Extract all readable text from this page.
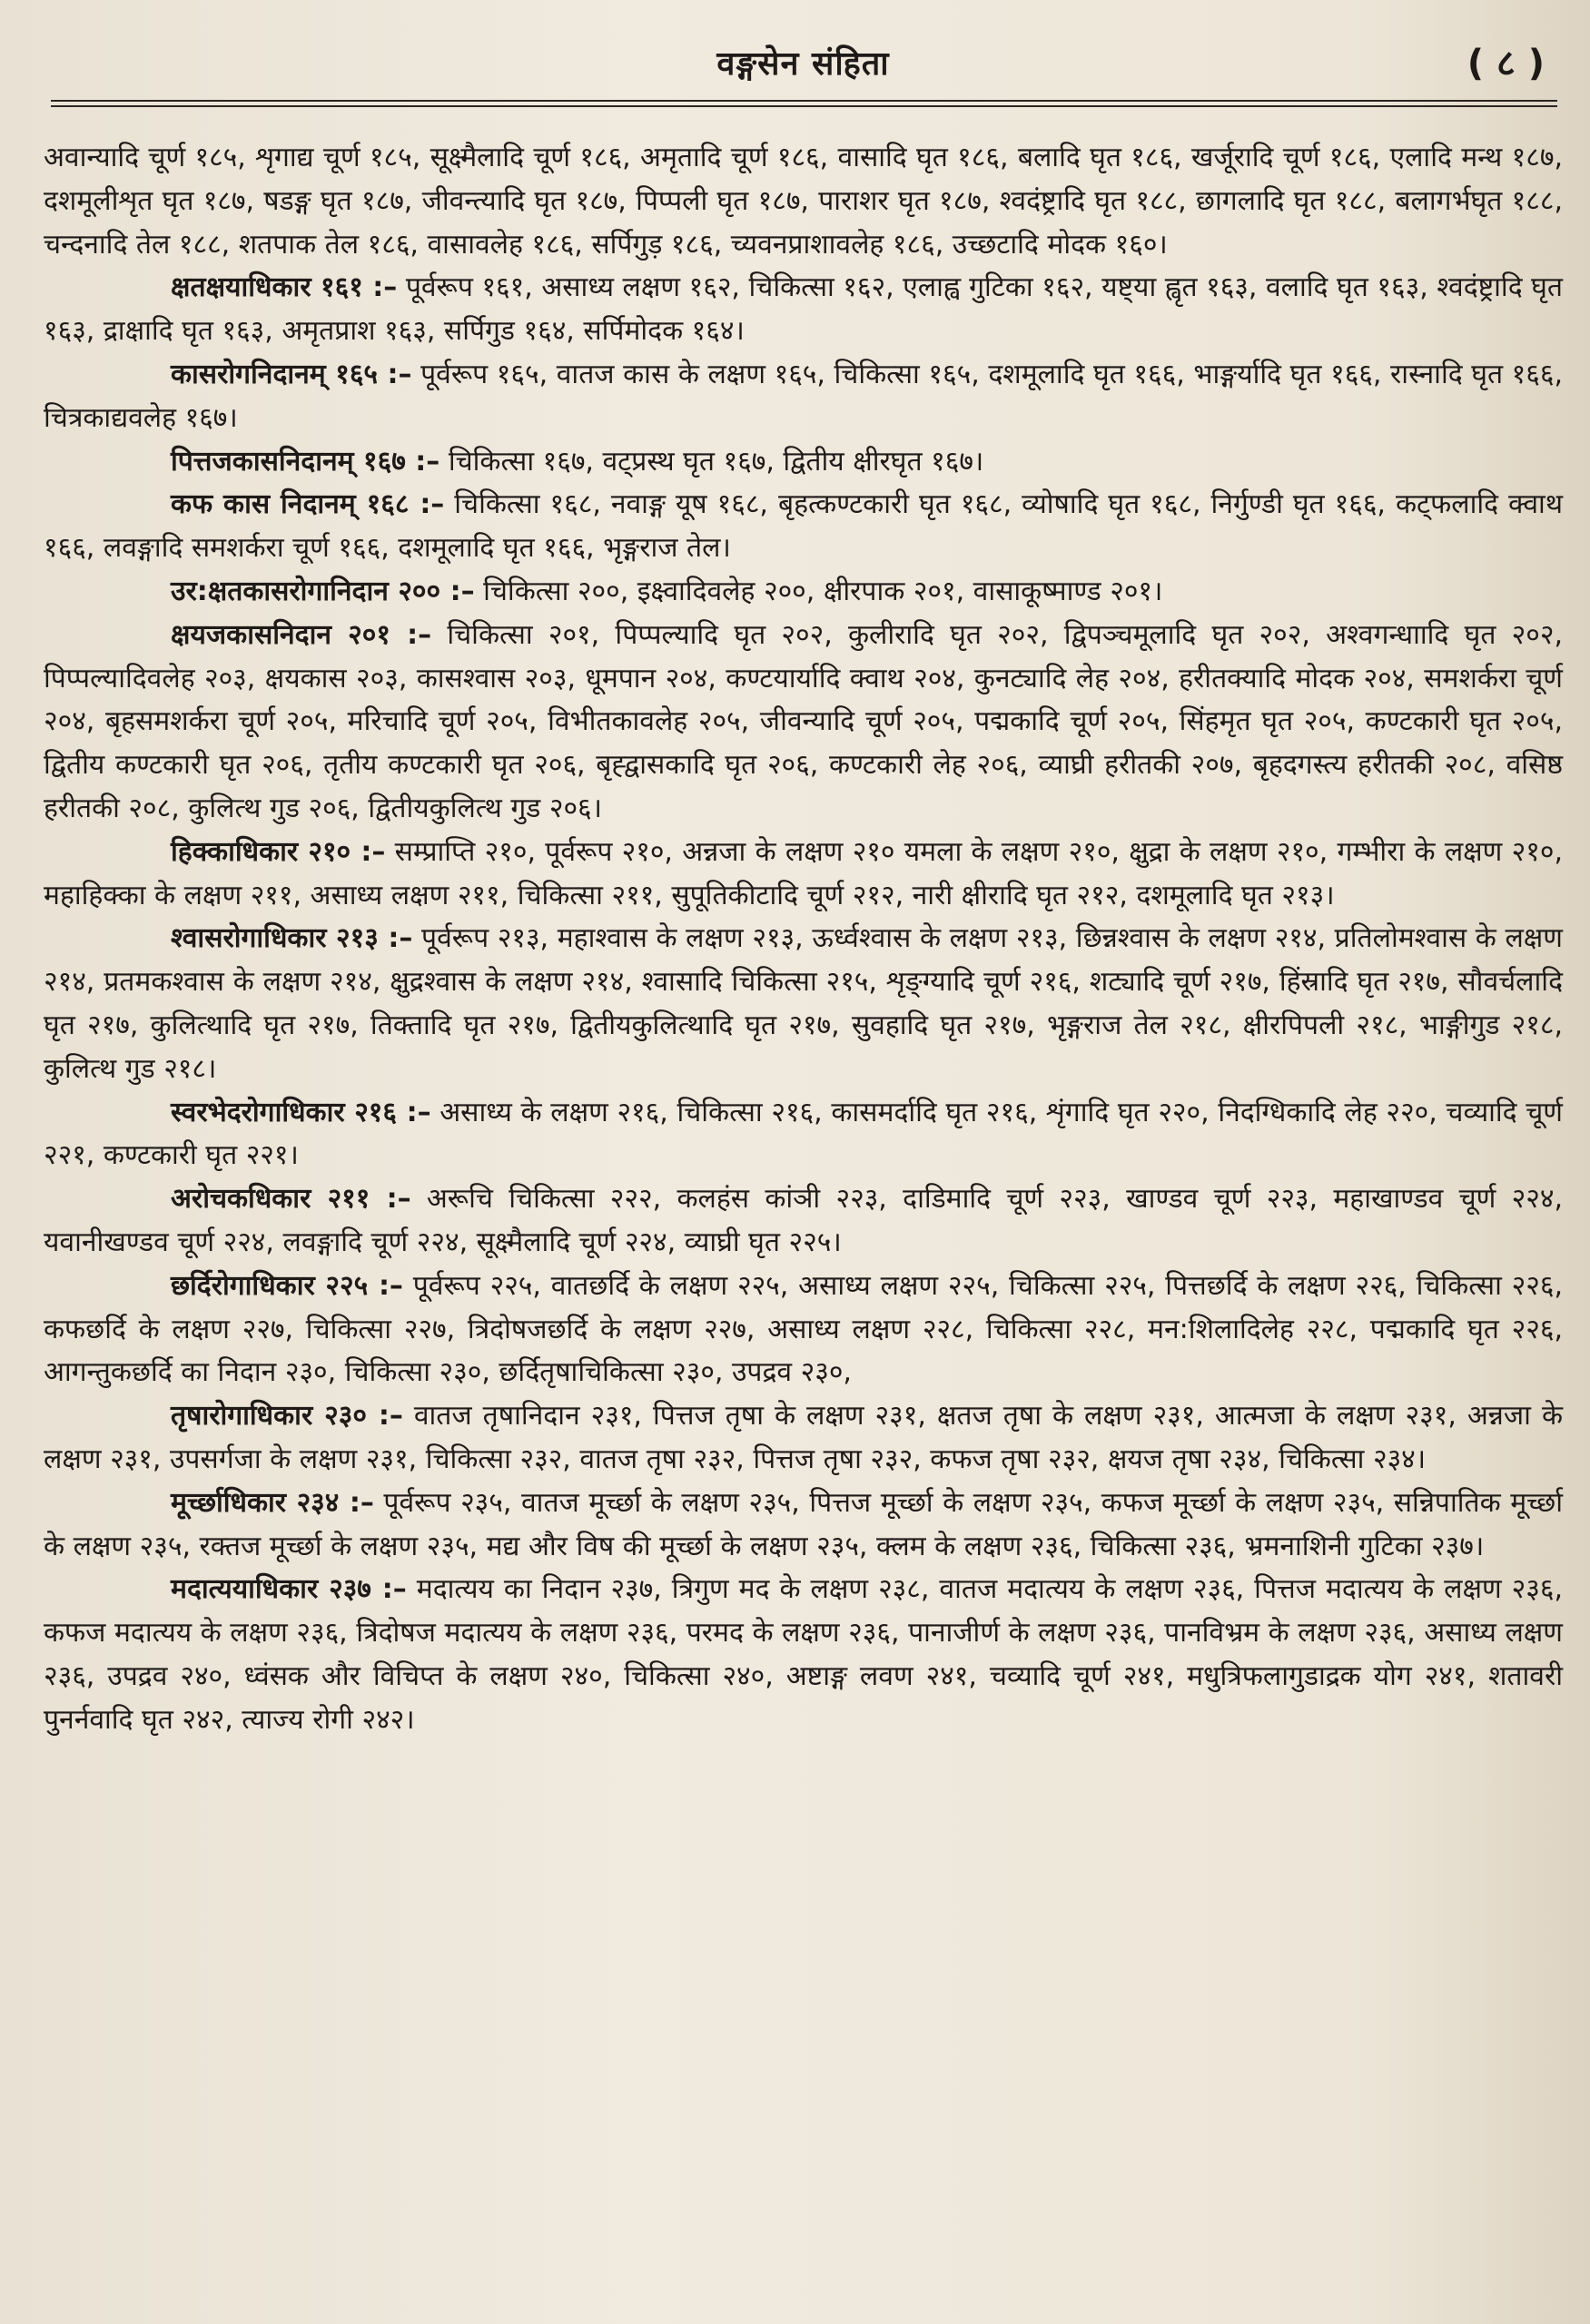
वङ्गसेन संहिता	( ८ )

अवान्यादि चूर्ण १८५, शृगाद्य चूर्ण १८५, सूक्ष्मैलादि चूर्ण १८६, अमृतादि चूर्ण १८६, वासादि घृत १८६, बलादि घृत १८६, खर्जूरादि चूर्ण १८६, एलादि मन्थ १८७, दशमूलीशृत घृत १८७, षडङ्ग घृत १८७, जीवन्त्यादि घृत १८७, पिप्पली घृत १८७, पाराशर घृत १८७, श्वदंष्ट्रादि घृत १८८, छागलादि घृत १८८, बलागर्भघृत १८८, चन्दनादि तेल १८८, शतपाक तेल १८६, वासावलेह १८६, सर्पिगुड़ १८६, च्यवनप्राशावलेह १८६, उच्छटादि मोदक १६०।

क्षतक्षयाधिकार १६१ :– पूर्वरूप १६१, असाध्य लक्षण १६२, चिकित्सा १६२, एलाह्व गुटिका १६२, यष्ट्या ह्वृत १६३, वलादि घृत १६३, श्वदंष्ट्रादि घृत १६३, द्राक्षादि घृत १६३, अमृतप्राश १६३, सर्पिगुड १६४, सर्पिमोदक १६४।

कासरोगनिदानम् १६५ :– पूर्वरूप १६५, वातज कास के लक्षण १६५, चिकित्सा १६५, दशमूलादि घृत १६६, भाङ्गर्यादि घृत १६६, रास्नादि घृत १६६, चित्रकाद्यवलेह १६७।

पित्तजकासनिदानम् १६७ :– चिकित्सा १६७, वट्प्रस्थ घृत १६७, द्वितीय क्षीरघृत १६७।

कफ कास निदानम् १६८ :– चिकित्सा १६८, नवाङ्ग यूष १६८, बृहत्कण्टकारी घृत १६८, व्योषादि घृत १६८, निर्गुण्डी घृत १६६, कट्फलादि क्वाथ १६६, लवङ्गादि समशर्करा चूर्ण १६६, दशमूलादि घृत १६६, भृङ्गराज तेल।

उर:क्षतकासरोगानिदान २०० :– चिकित्सा २००, इक्ष्वादिवलेह २००, क्षीरपाक २०१, वासाकूष्माण्ड २०१।

क्षयजकासनिदान २०१ :– चिकित्सा २०१, पिप्पल्यादि घृत २०२, कुलीरादि घृत २०२, द्विपञ्चमूलादि घृत २०२, अश्वगन्धाादि घृत २०२, पिप्पल्यादिवलेह २०३, क्षयकास २०३, कासश्वास २०३, धूमपान २०४, कण्टयार्यादि क्वाथ २०४, कुनट्यादि लेह २०४, हरीतक्यादि मोदक २०४, समशर्करा चूर्ण २०४, बृहसमशर्करा चूर्ण २०५, मरिचादि चूर्ण २०५, विभीतकावलेह २०५, जीवन्यादि चूर्ण २०५, पद्मकादि चूर्ण २०५, सिंहमृत घृत २०५, कण्टकारी घृत २०५, द्वितीय कण्टकारी घृत २०६, तृतीय कण्टकारी घृत २०६, बृह्द्वासकादि घृत २०६, कण्टकारी लेह २०६, व्याघ्री हरीतकी २०७, बृहदगस्त्य हरीतकी २०८, वसिष्ठ हरीतकी २०८, कुलित्थ गुड २०६, द्वितीयकुलित्थ गुड २०६।

हिक्काधिकार २१० :– सम्प्राप्ति २१०, पूर्वरूप २१०, अन्नजा के लक्षण २१० यमला के लक्षण २१०, क्षुद्रा के लक्षण २१०, गम्भीरा के लक्षण २१०, महाहिक्का के लक्षण २११, असाध्य लक्षण २११, चिकित्सा २११, सुपूतिकीटादि चूर्ण २१२, नारी क्षीरादि घृत २१२, दशमूलादि घृत २१३।

श्वासरोगाधिकार २१३ :– पूर्वरूप २१३, महाश्वास के लक्षण २१३, ऊर्ध्वश्वास के लक्षण २१३, छिन्नश्वास के लक्षण २१४, प्रतिलोमश्वास के लक्षण २१४, प्रतमकश्वास के लक्षण २१४, क्षुद्रश्वास के लक्षण २१४, श्वासादि चिकित्सा २१५, शृङ्ग्यादि चूर्ण २१६, शट्यादि चूर्ण २१७, हिंस्रादि घृत २१७, सौवर्चलादि घृत २१७, कुलित्थादि घृत २१७, तिक्तादि घृत २१७, द्वितीयकुलित्थादि घृत २१७, सुवहादि घृत २१७, भृङ्गराज तेल २१८, क्षीरपिपली २१८, भाङ्गीगुड २१८, कुलित्थ गुड २१८।

स्वरभेदरोगाधिकार २१६ :– असाध्य के लक्षण २१६, चिकित्सा २१६, कासमर्दादि घृत २१६, शृंगादि घृत २२०, निदग्धिकादि लेह २२०, चव्यादि चूर्ण २२१, कण्टकारी घृत २२१।

अरोचकधिकार २११ :– अरूचि चिकित्सा २२२, कलहंस कांञी २२३, दाडिमादि चूर्ण २२३, खाण्डव चूर्ण २२३, महाखाण्डव चूर्ण २२४, यवानीखण्डव चूर्ण २२४, लवङ्गादि चूर्ण २२४, सूक्ष्मैलादि चूर्ण २२४, व्याघ्री घृत २२५।

छर्दिरोगाधिकार २२५ :– पूर्वरूप २२५, वातछर्दि के लक्षण २२५, असाध्य लक्षण २२५, चिकित्सा २२५, पित्तछर्दि के लक्षण २२६, चिकित्सा २२६, कफछर्दि के लक्षण २२७, चिकित्सा २२७, त्रिदोषजछर्दि के लक्षण २२७, असाध्य लक्षण २२८, चिकित्सा २२८, मन:शिलादिलेह २२८, पद्मकादि घृत २२६, आगन्तुकछर्दि का निदान २३०, चिकित्सा २३०, छर्दितृषाचिकित्सा २३०, उपद्रव २३०,

तृषारोगाधिकार २३० :– वातज तृषानिदान २३१, पित्तज तृषा के लक्षण २३१, क्षतज तृषा के लक्षण २३१, आत्मजा के लक्षण २३१, अन्नजा के लक्षण २३१, उपसर्गजा के लक्षण २३१, चिकित्सा २३२, वातज तृषा २३२, पित्तज तृषा २३२, कफज तृषा २३२, क्षयज तृषा २३४, चिकित्सा २३४।

मूर्च्छाधिकार २३४ :– पूर्वरूप २३५, वातज मूर्च्छा के लक्षण २३५, पित्तज मूर्च्छा के लक्षण २३५, कफज मूर्च्छा के लक्षण २३५, सन्निपातिक मूर्च्छा के लक्षण २३५, रक्तज मूर्च्छा के लक्षण २३५, मद्य और विष की मूर्च्छा के लक्षण २३५, क्लम के लक्षण २३६, चिकित्सा २३६, भ्रमनाशिनी गुटिका २३७।

मदात्ययाधिकार २३७ :– मदात्यय का निदान २३७, त्रिगुण मद के लक्षण २३८, वातज मदात्यय के लक्षण २३६, पित्तज मदात्यय के लक्षण २३६, कफज मदात्यय के लक्षण २३६, त्रिदोषज मदात्यय के लक्षण २३६, परमद के लक्षण २३६, पानाजीर्ण के लक्षण २३६, पानविभ्रम के लक्षण २३६, असाध्य लक्षण २३६, उपद्रव २४०, ध्वंसक और विचिप्त के लक्षण २४०, चिकित्सा २४०, अष्टाङ्ग लवण २४१, चव्यादि चूर्ण २४१, मधुत्रिफलागुडाद्रक योग २४१, शतावरी पुनर्नवादि घृत २४२, त्याज्य रोगी २४२।
